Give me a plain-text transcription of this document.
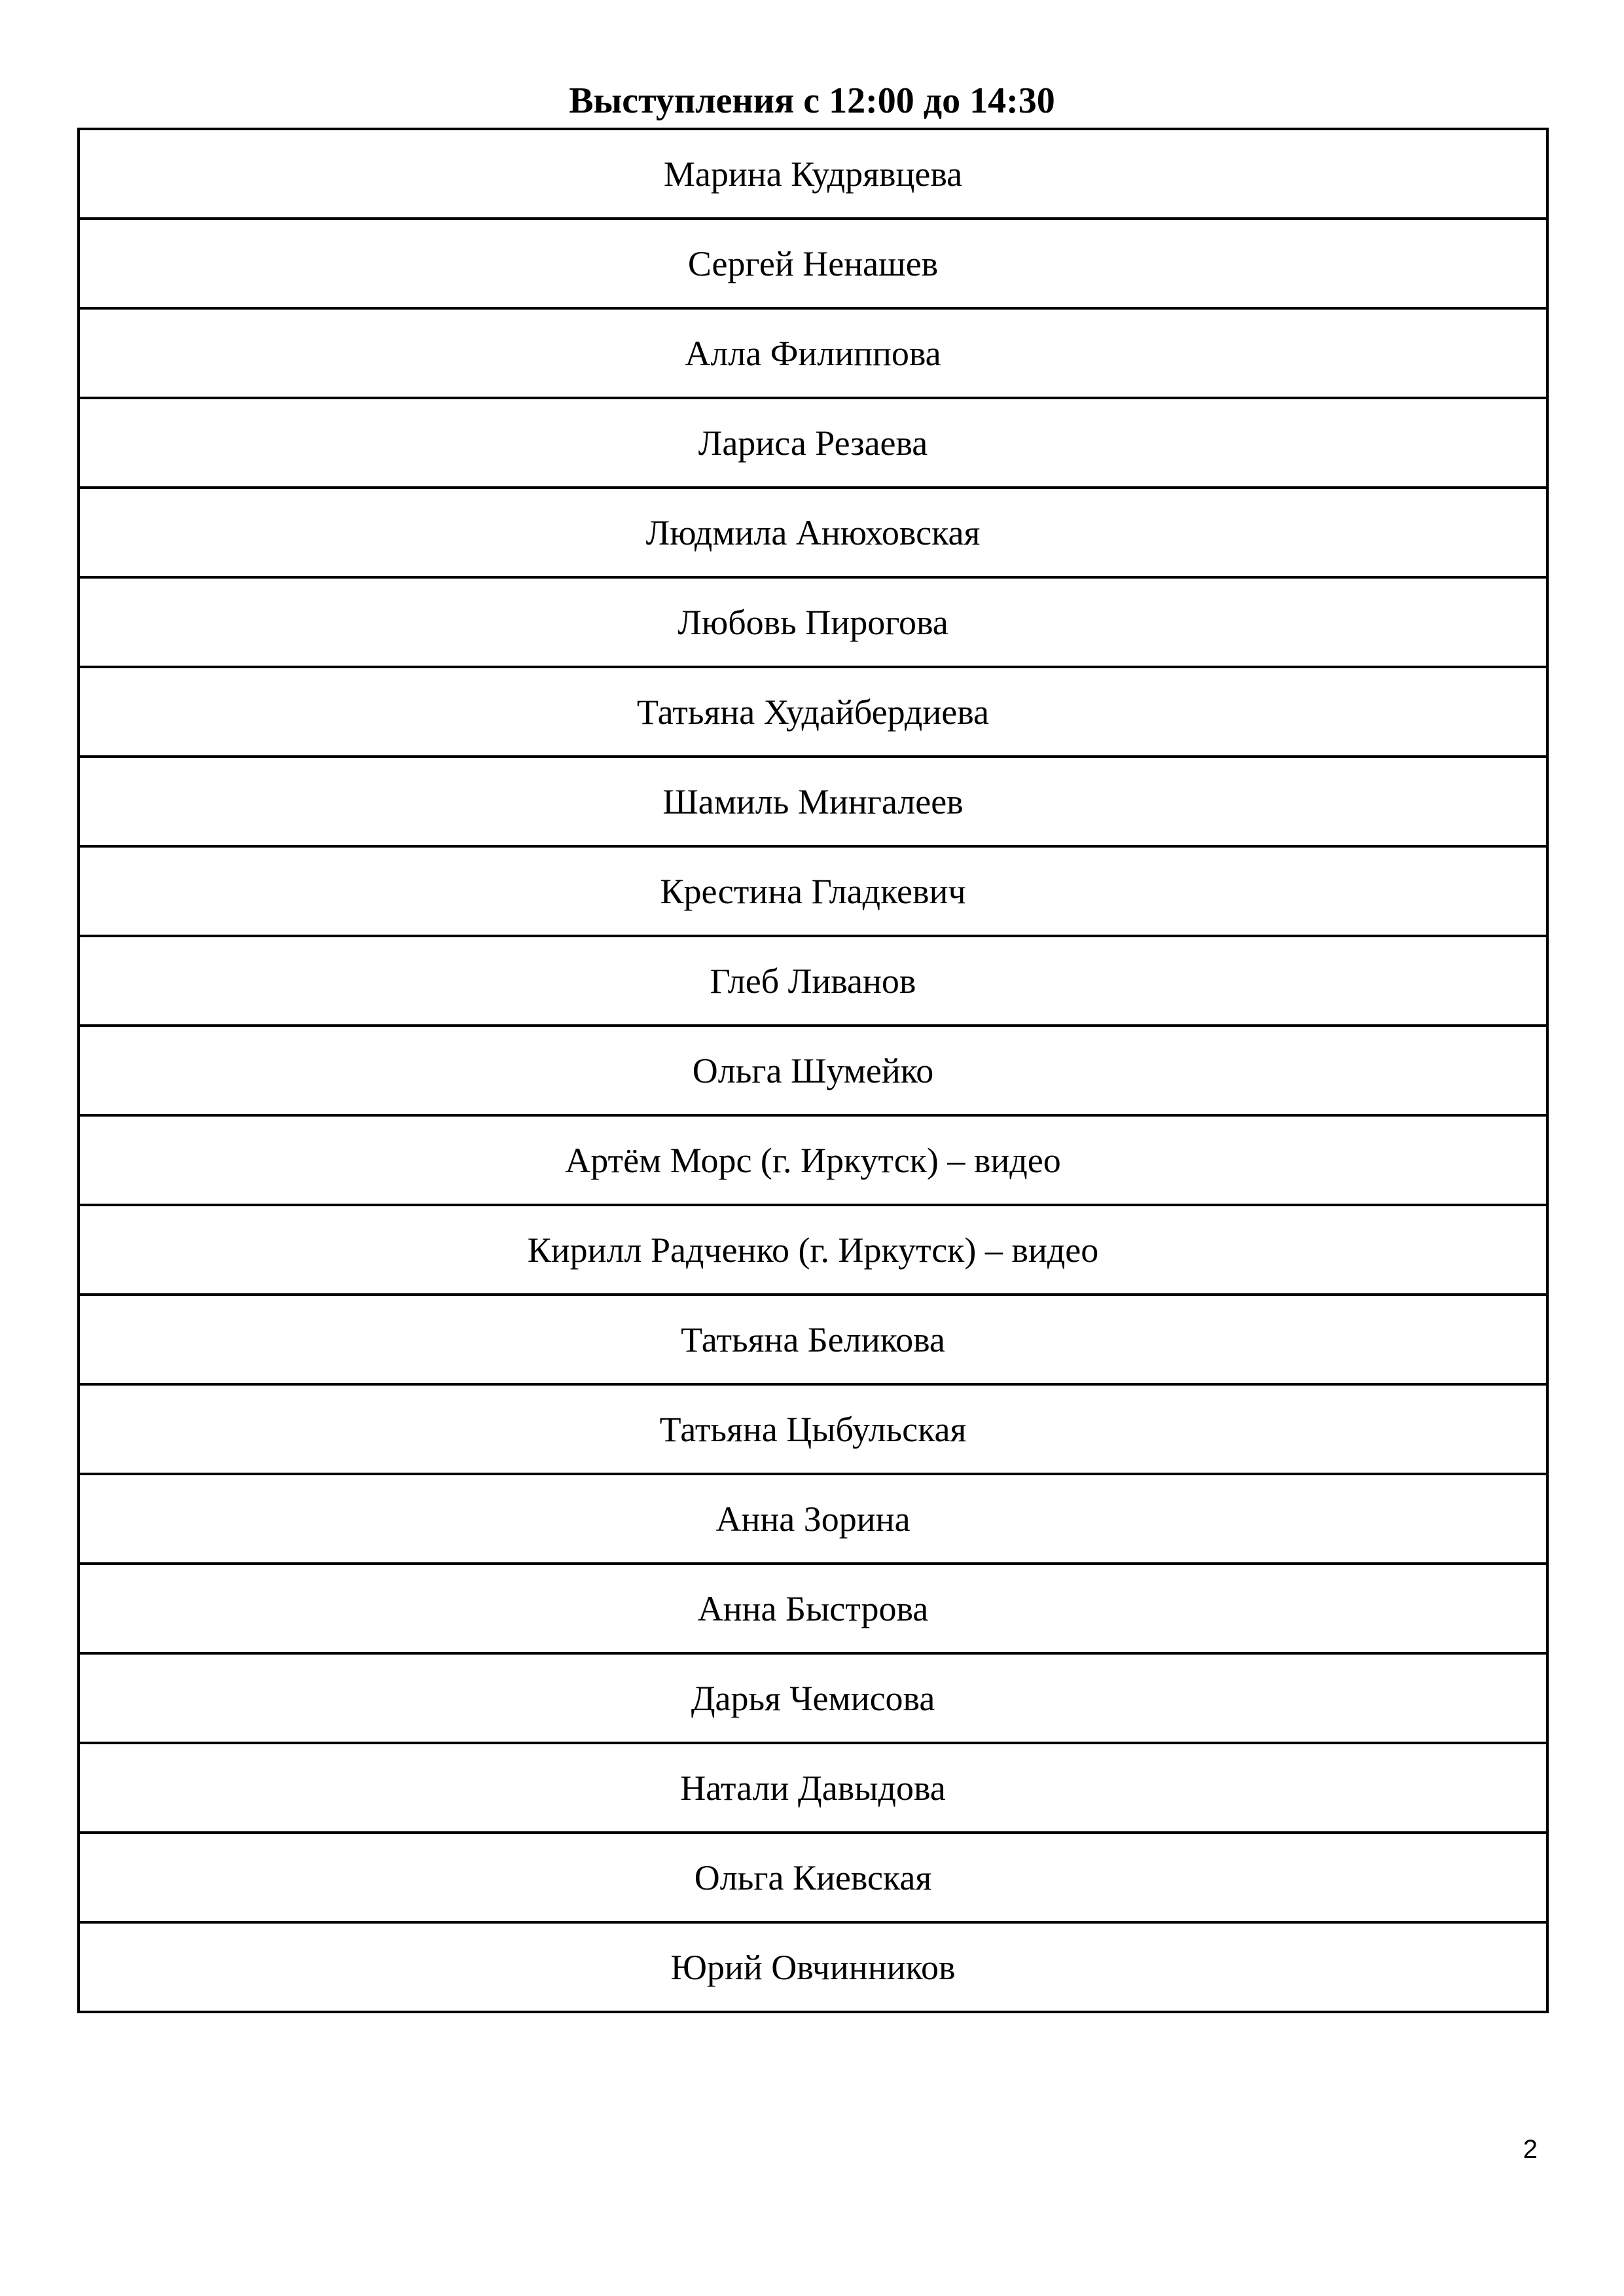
Выступления с 12:00 до 14:30
Марина Кудрявцева
Сергей Ненашев
Алла Филиппова
Лариса Резаева
Людмила Анюховская
Любовь Пирогова
Татьяна Худайбердиева
Шамиль Мингалеев
Крестина Гладкевич
Глеб Ливанов
Ольга Шумейко
Артём Морс (г. Иркутск) – видео
Кирилл Радченко (г. Иркутск) – видео
Татьяна Беликова
Татьяна Цыбульская
Анна Зорина
Анна Быстрова
Дарья Чемисова
Натали Давыдова
Ольга Киевская
Юрий Овчинников
2
